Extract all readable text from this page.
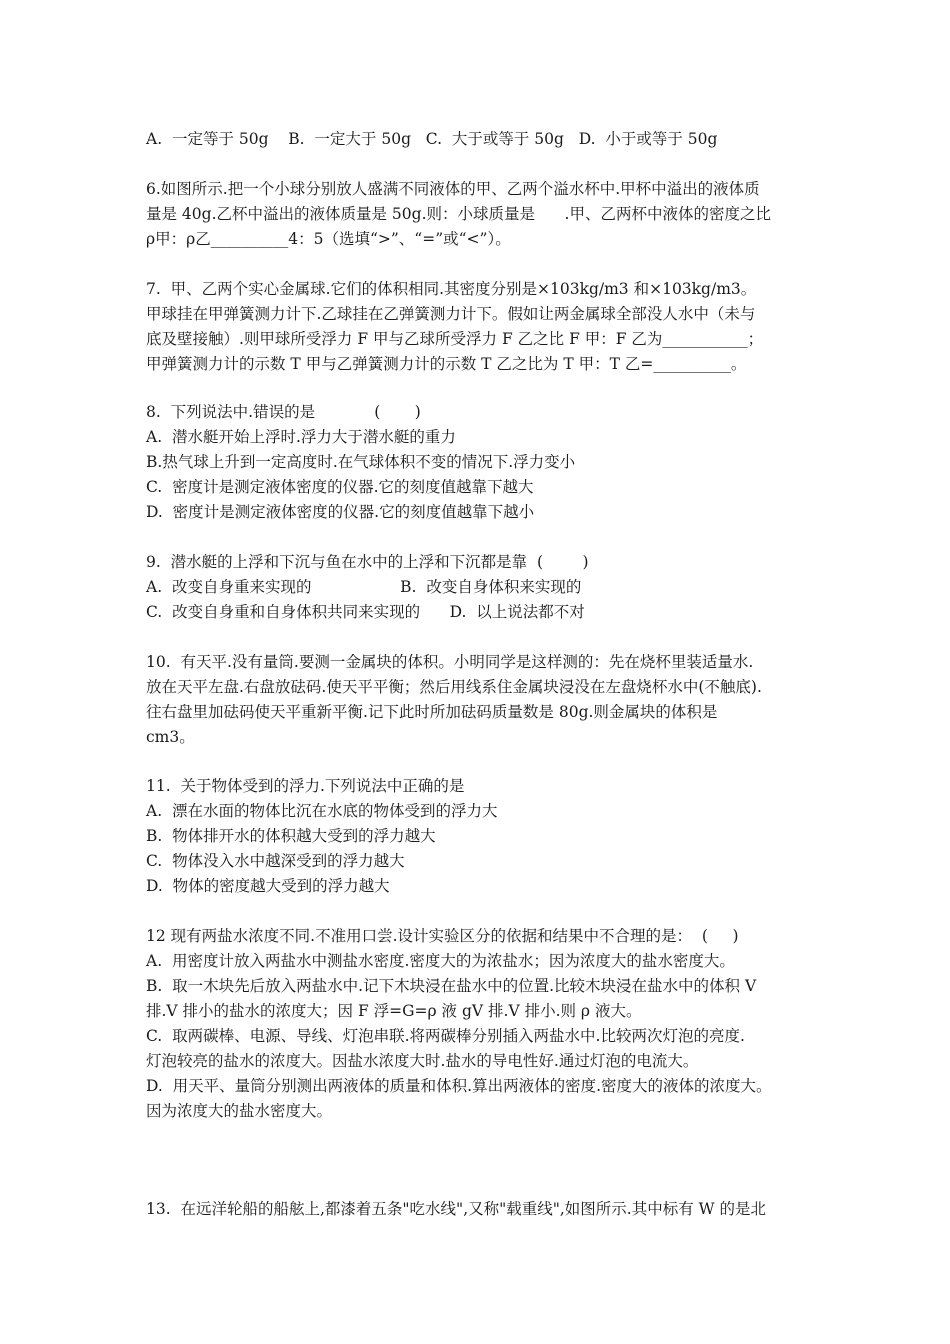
A.  一定等于 50g    B.  一定大于 50g   C.  大于或等于 50g   D.  小于或等于 50g
6.如图所示.把一个小球分别放人盛满不同液体的甲、乙两个溢水杯中.甲杯中溢出的液体质
量是 40g.乙杯中溢出的液体质量是 50g.则：小球质量是      .甲、乙两杯中液体的密度之比
ρ甲：ρ乙__________4：5（选填“>”、“=”或“<”）。
7.  甲、乙两个实心金属球.它们的体积相同.其密度分别是×103kg/m3 和×103kg/m3。
甲球挂在甲弹簧测力计下.乙球挂在乙弹簧测力计下。假如让两金属球全部没人水中（未与
底及壁接触）.则甲球所受浮力 F 甲与乙球所受浮力 F 乙之比 F 甲：F 乙为___________；
甲弹簧测力计的示数 T 甲与乙弹簧测力计的示数 T 乙之比为 T 甲：T 乙=__________。
8.  下列说法中.错误的是            (       )
A.  潜水艇开始上浮时.浮力大于潜水艇的重力
B.热气球上升到一定高度时.在气球体积不变的情况下.浮力变小
C.  密度计是测定液体密度的仪器.它的刻度值越靠下越大
D.  密度计是测定液体密度的仪器.它的刻度值越靠下越小
9.  潜水艇的上浮和下沉与鱼在水中的上浮和下沉都是靠  (        )
A.  改变自身重来实现的                  B.  改变自身体积来实现的
C.  改变自身重和自身体积共同来实现的      D.  以上说法都不对
10.  有天平.没有量筒.要测一金属块的体积。小明同学是这样测的：先在烧杯里装适量水.
放在天平左盘.右盘放砝码.使天平平衡；然后用线系住金属块浸没在左盘烧杯水中(不触底).
往右盘里加砝码使天平重新平衡.记下此时所加砝码质量数是 80g.则金属块的体积是
cm3。
11.  关于物体受到的浮力.下列说法中正确的是
A.  漂在水面的物体比沉在水底的物体受到的浮力大
B.  物体排开水的体积越大受到的浮力越大
C.  物体没入水中越深受到的浮力越大
D.  物体的密度越大受到的浮力越大
12 现有两盐水浓度不同.不准用口尝.设计实验区分的依据和结果中不合理的是：  (     )
A.  用密度计放入两盐水中测盐水密度.密度大的为浓盐水；因为浓度大的盐水密度大。
B.  取一木块先后放入两盐水中.记下木块浸在盐水中的位置.比较木块浸在盐水中的体积 V
排.V 排小的盐水的浓度大；因 F 浮=G=ρ 液 gV 排.V 排小.则 ρ 液大。
C.  取两碳棒、电源、导线、灯泡串联.将两碳棒分别插入两盐水中.比较两次灯泡的亮度.
灯泡较亮的盐水的浓度大。因盐水浓度大时.盐水的导电性好.通过灯泡的电流大。
D.  用天平、量筒分别测出两液体的质量和体积.算出两液体的密度.密度大的液体的浓度大。
因为浓度大的盐水密度大。
13.  在远洋轮船的船舷上,都漆着五条"吃水线",又称"载重线",如图所示.其中标有 W 的是北
